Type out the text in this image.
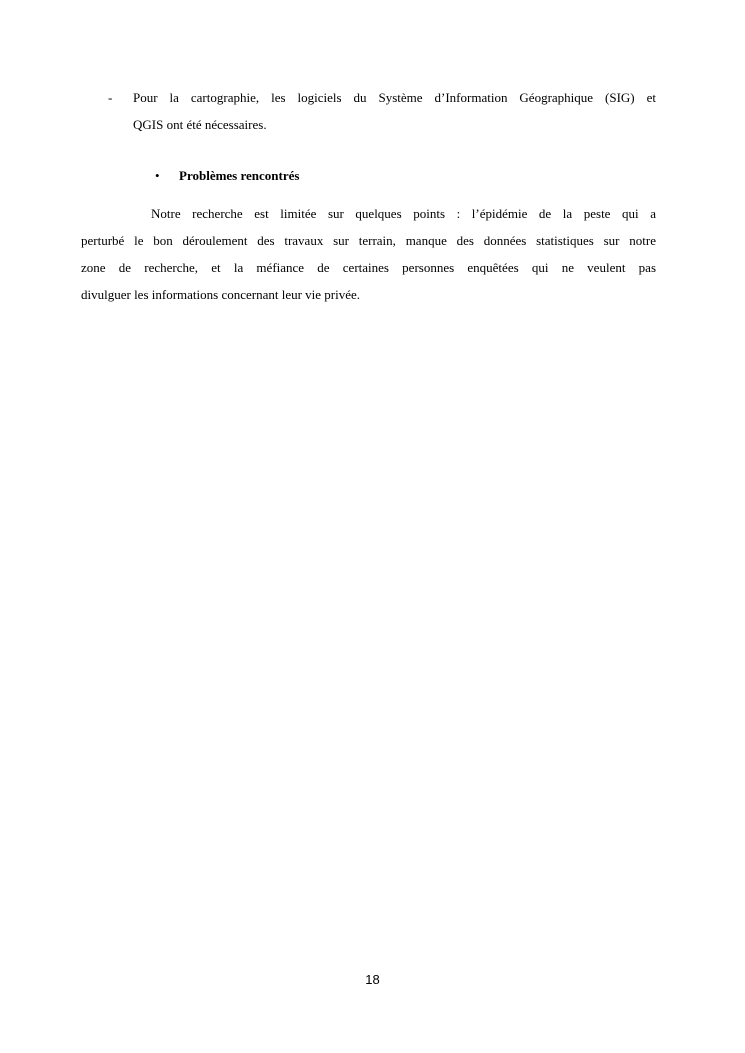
- Pour la cartographie, les logiciels du Système d’Information Géographique (SIG) et
QGIS ont été nécessaires.
• Problèmes rencontrés
Notre recherche est limitée sur quelques points : l’épidémie de la peste qui a
perturbé le bon déroulement des travaux sur terrain, manque des données statistiques sur notre
zone de recherche, et la méfiance de certaines personnes enquêtées qui ne veulent pas
divulguer les informations concernant leur vie privée.
18
